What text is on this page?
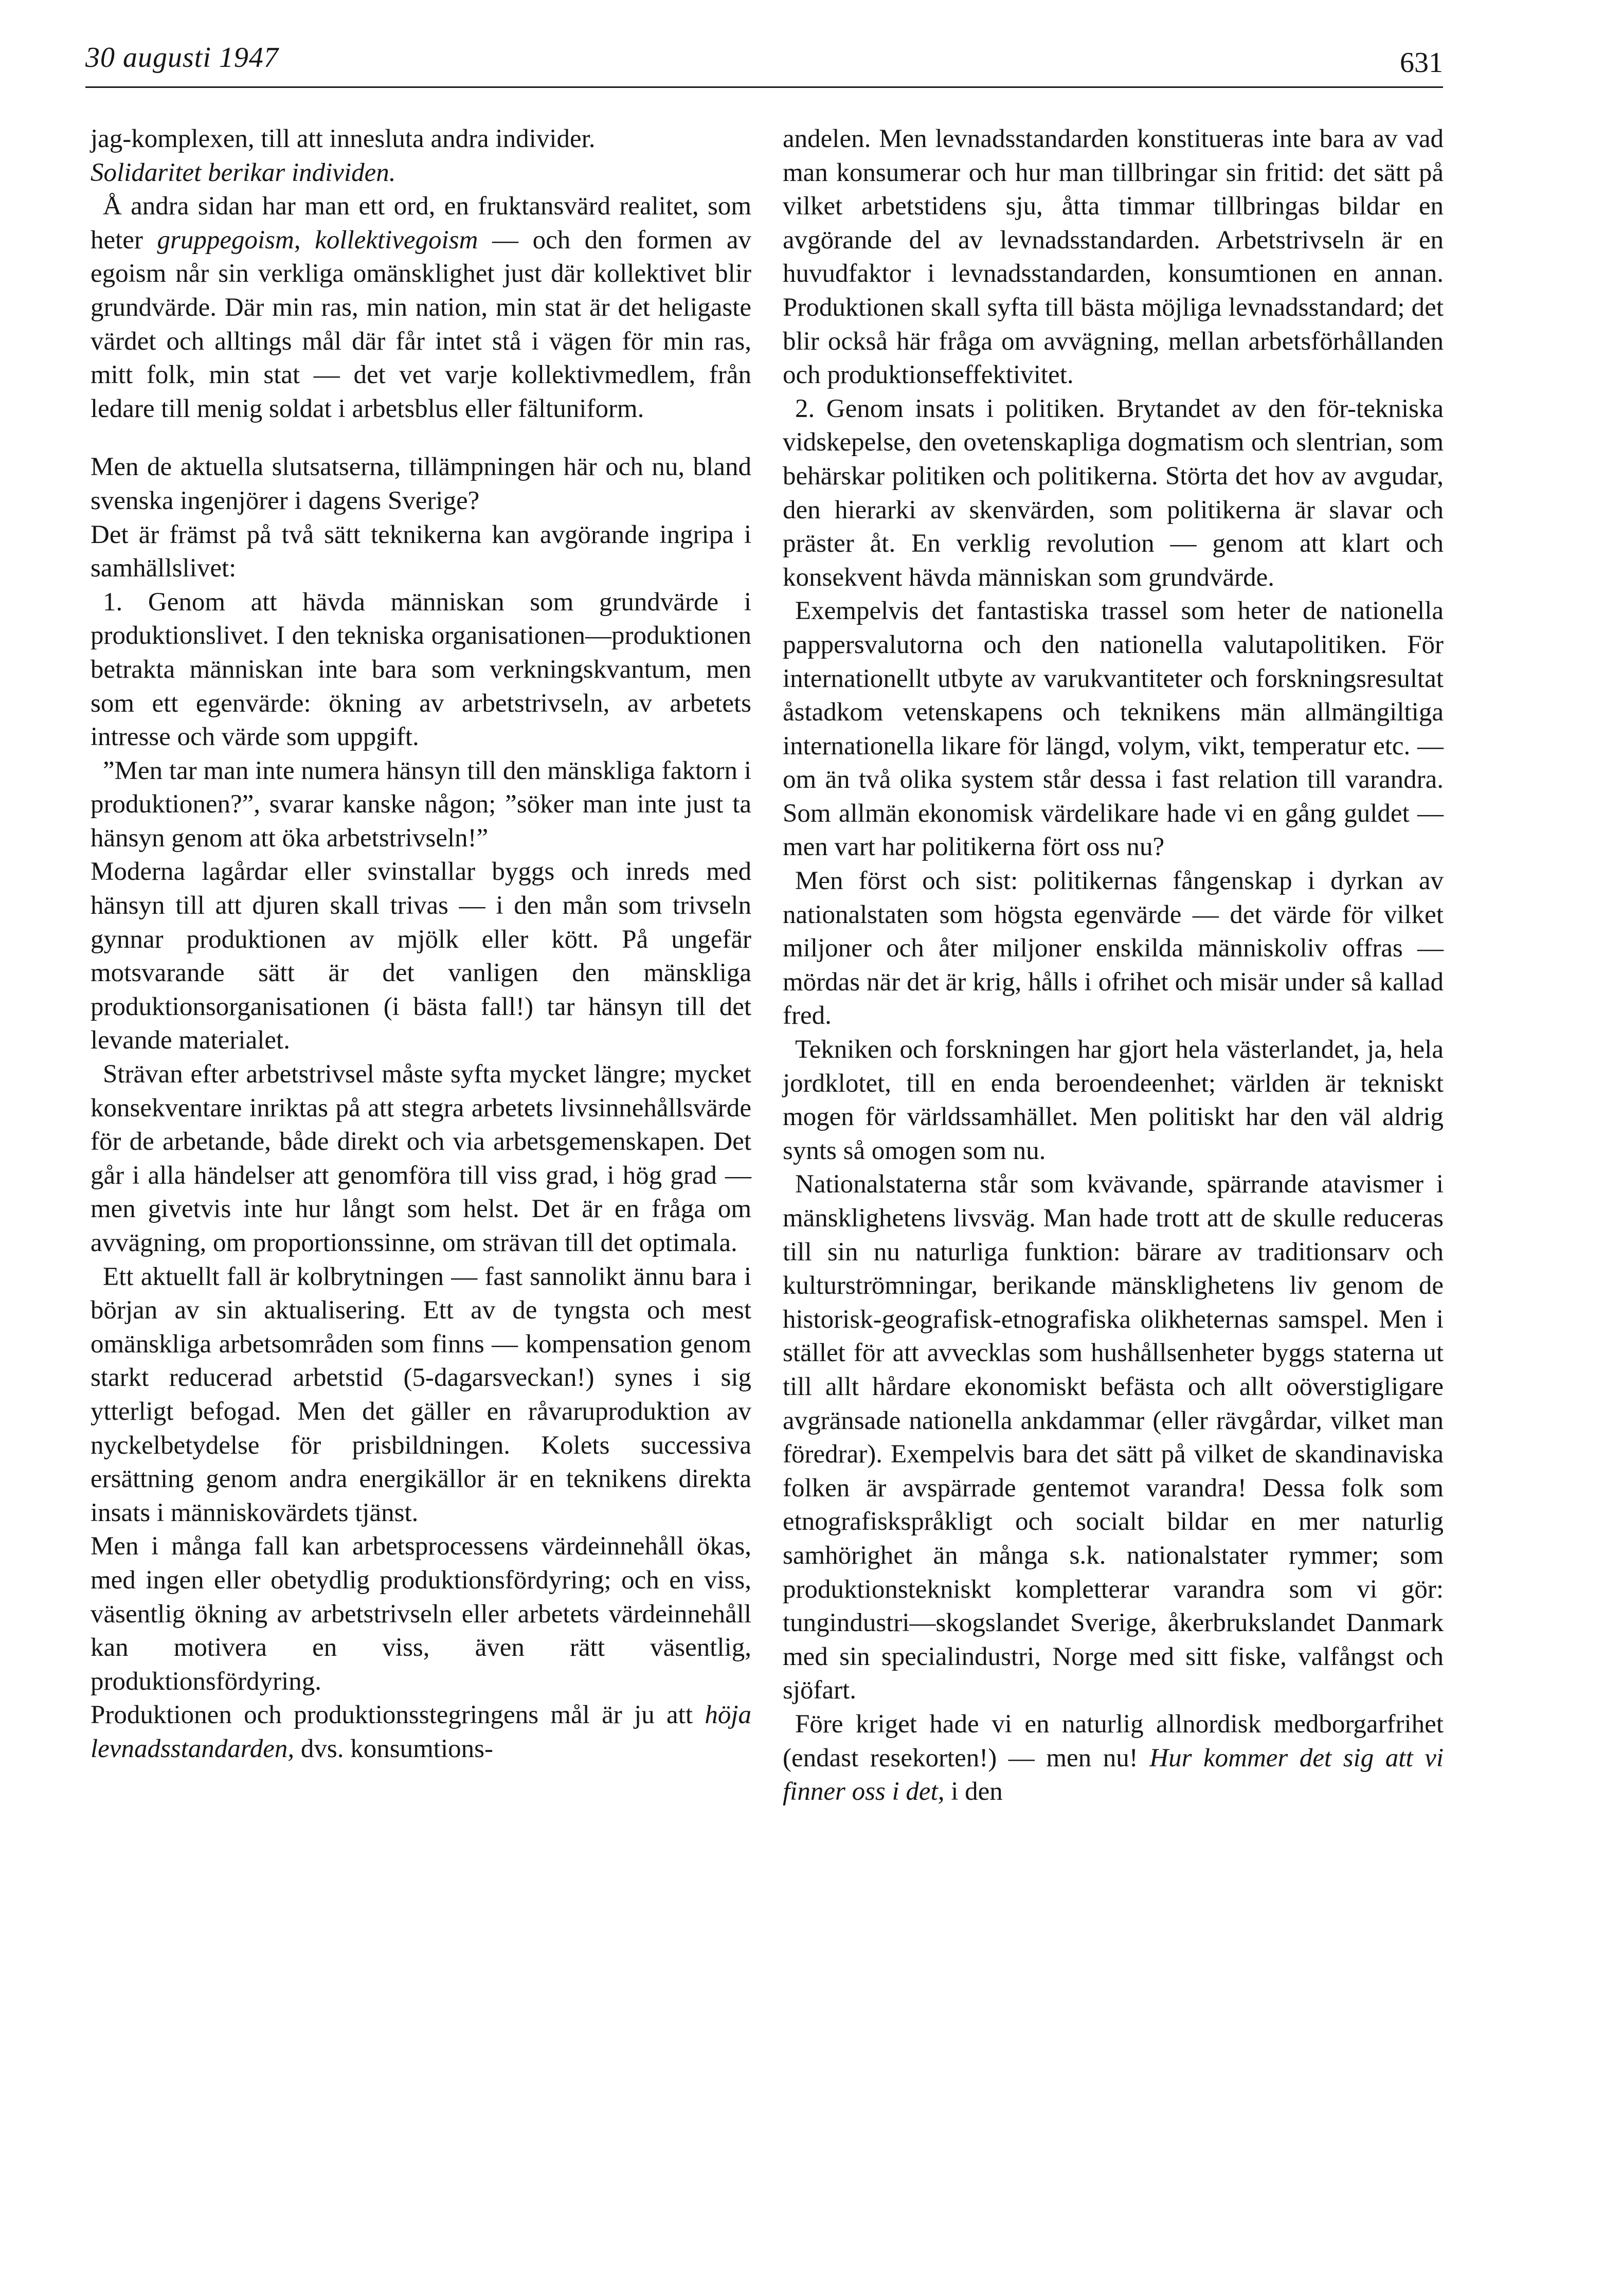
30 augusti 1947	631

jag-komplexen, till att innesluta andra individer.
Solidaritet berikar individen.

Å andra sidan har man ett ord, en fruktansvärd realitet, som heter gruppegoism, kollektivegoism — och den formen av egoism når sin verkliga omänsklighet just där kollektivet blir grundvärde. Där min ras, min nation, min stat är det heligaste värdet och alltings mål där får intet stå i vägen för min ras, mitt folk, min stat — det vet varje kollektivmedlem, från ledare till menig soldat i arbetsblus eller fältuniform.

Men de aktuella slutsatserna, tillämpningen här och nu, bland svenska ingenjörer i dagens Sverige?

Det är främst på två sätt teknikerna kan avgörande ingripa i samhällslivet:

1. Genom att hävda människan som grundvärde i produktionslivet. I den tekniska organisationen—produktionen betrakta människan inte bara som verkningskvantum, men som ett egenvärde: ökning av arbetstrivseln, av arbetets intresse och värde som uppgift.

”Men tar man inte numera hänsyn till den mänskliga faktorn i produktionen?”, svarar kanske någon; ”söker man inte just ta hänsyn genom att öka arbetstrivseln!”

Moderna lagårdar eller svinstallar byggs och inreds med hänsyn till att djuren skall trivas — i den mån som trivseln gynnar produktionen av mjölk eller kött. På ungefär motsvarande sätt är det vanligen den mänskliga produktionsorganisationen (i bästa fall!) tar hänsyn till det levande materialet.

Strävan efter arbetstrivsel måste syfta mycket längre; mycket konsekventare inriktas på att stegra arbetets livsinnehållsvärde för de arbetande, både direkt och via arbetsgemenskapen. Det går i alla händelser att genomföra till viss grad, i hög grad — men givetvis inte hur långt som helst. Det är en fråga om avvägning, om proportionssinne, om strävan till det optimala.

Ett aktuellt fall är kolbrytningen — fast sannolikt ännu bara i början av sin aktualisering. Ett av de tyngsta och mest omänskliga arbetsområden som finns — kompensation genom starkt reducerad arbetstid (5-dagarsveckan!) synes i sig ytterligt befogad. Men det gäller en råvaruproduktion av nyckelbetydelse för prisbildningen. Kolets successiva ersättning genom andra energikällor är en teknikens direkta insats i människovärdets tjänst.

Men i många fall kan arbetsprocessens värdeinnehåll ökas, med ingen eller obetydlig produktionsfördyring; och en viss, väsentlig ökning av arbetstrivseln eller arbetets värdeinnehåll kan motivera en viss, även rätt väsentlig, produktionsfördyring.

Produktionen och produktionsstegringens mål är ju att höja levnadsstandarden, dvs. konsumtions-

andelen. Men levnadsstandarden konstitueras inte bara av vad man konsumerar och hur man tillbringar sin fritid: det sätt på vilket arbetstidens sju, åtta timmar tillbringas bildar en avgörande del av levnadsstandarden. Arbetstrivseln är en huvudfaktor i levnadsstandarden, konsumtionen en annan. Produktionen skall syfta till bästa möjliga levnadsstandard; det blir också här fråga om avvägning, mellan arbetsförhållanden och produktionseffektivitet.

2. Genom insats i politiken. Brytandet av den för-tekniska vidskepelse, den ovetenskapliga dogmatism och slentrian, som behärskar politiken och politikerna. Störta det hov av avgudar, den hierarki av skenvärden, som politikerna är slavar och präster åt. En verklig revolution — genom att klart och konsekvent hävda människan som grundvärde.

Exempelvis det fantastiska trassel som heter de nationella pappersvalutorna och den nationella valutapolitiken. För internationellt utbyte av varukvantiteter och forskningsresultat åstadkom vetenskapens och teknikens män allmängiltiga internationella likare för längd, volym, vikt, temperatur etc. — om än två olika system står dessa i fast relation till varandra. Som allmän ekonomisk värdelikare hade vi en gång guldet — men vart har politikerna fört oss nu?

Men först och sist: politikernas fångenskap i dyrkan av nationalstaten som högsta egenvärde — det värde för vilket miljoner och åter miljoner enskilda människoliv offras — mördas när det är krig, hålls i ofrihet och misär under så kallad fred.

Tekniken och forskningen har gjort hela västerlandet, ja, hela jordklotet, till en enda beroendeenhet; världen är tekniskt mogen för världssamhället. Men politiskt har den väl aldrig synts så omogen som nu.

Nationalstaterna står som kvävande, spärrande atavismer i mänsklighetens livsväg. Man hade trott att de skulle reduceras till sin nu naturliga funktion: bärare av traditionsarv och kulturströmningar, berikande mänsklighetens liv genom de historisk-geografisk-etnografiska olikheternas samspel. Men i stället för att avvecklas som hushållsenheter byggs staterna ut till allt hårdare ekonomiskt befästa och allt oöverstigligare avgränsade nationella ankdammar (eller rävgårdar, vilket man föredrar). Exempelvis bara det sätt på vilket de skandinaviska folken är avspärrade gentemot varandra! Dessa folk som etnografiskspråkligt och socialt bildar en mer naturlig samhörighet än många s.k. nationalstater rymmer; som produktionstekniskt kompletterar varandra som vi gör: tungindustri—skogslandet Sverige, åkerbrukslandet Danmark med sin specialindustri, Norge med sitt fiske, valfångst och sjöfart.

Före kriget hade vi en naturlig allnordisk medborgarfrihet (endast resekorten!) — men nu! Hur kommer det sig att vi finner oss i det, i den
